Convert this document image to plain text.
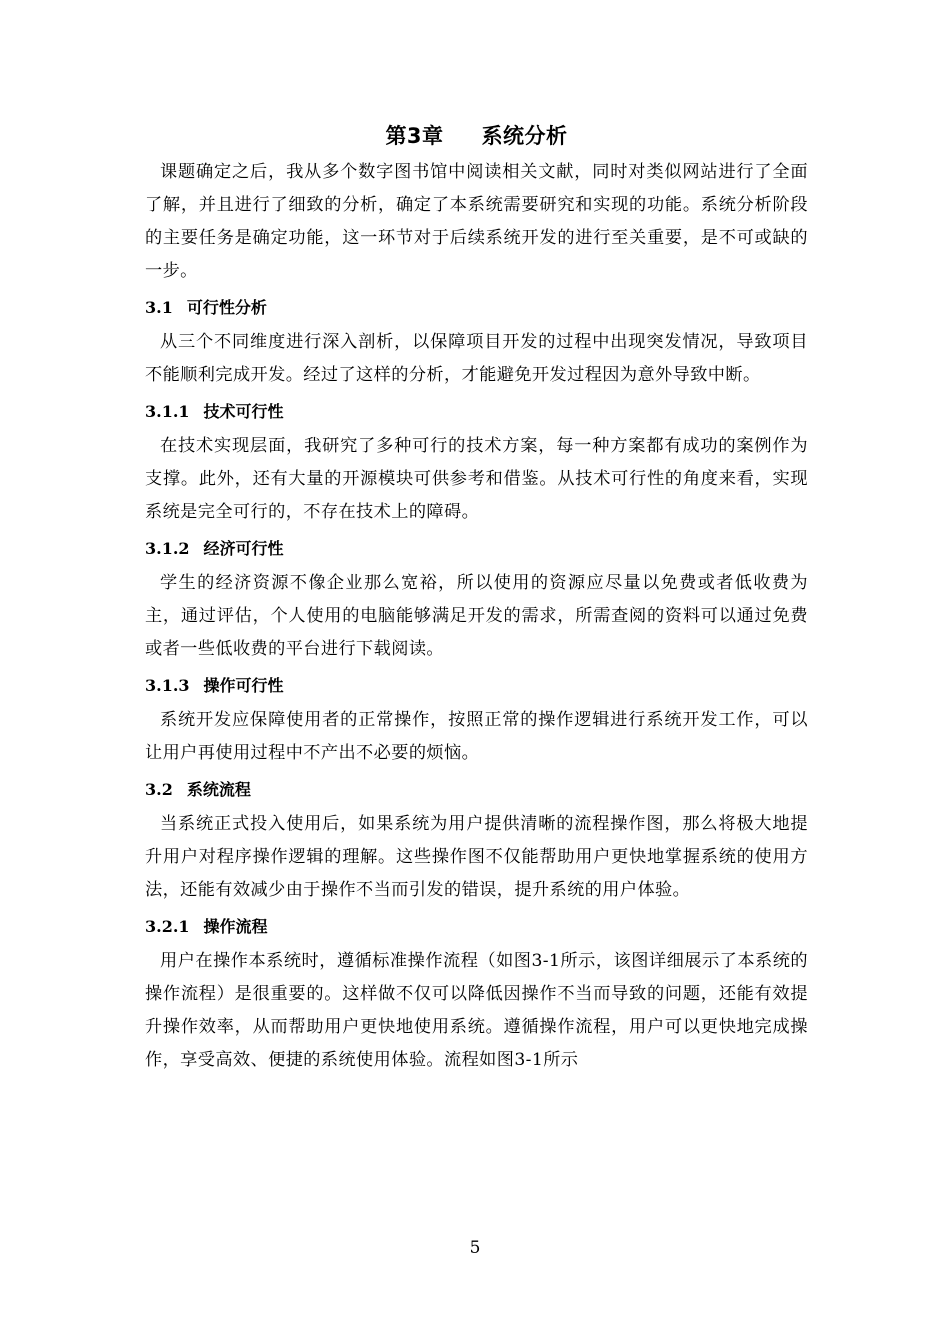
第3章 系统分析

课题确定之后，我从多个数字图书馆中阅读相关文献，同时对类似网站进行了全面了解，并且进行了细致的分析，确定了本系统需要研究和实现的功能。系统分析阶段的主要任务是确定功能，这一环节对于后续系统开发的进行至关重要，是不可或缺的一步。

3.1 可行性分析

从三个不同维度进行深入剖析，以保障项目开发的过程中出现突发情况，导致项目不能顺利完成开发。经过了这样的分析，才能避免开发过程因为意外导致中断。

3.1.1 技术可行性

在技术实现层面，我研究了多种可行的技术方案，每一种方案都有成功的案例作为支撑。此外，还有大量的开源模块可供参考和借鉴。从技术可行性的角度来看，实现系统是完全可行的，不存在技术上的障碍。

3.1.2 经济可行性

学生的经济资源不像企业那么宽裕，所以使用的资源应尽量以免费或者低收费为主，通过评估，个人使用的电脑能够满足开发的需求，所需查阅的资料可以通过免费或者一些低收费的平台进行下载阅读。

3.1.3 操作可行性

系统开发应保障使用者的正常操作，按照正常的操作逻辑进行系统开发工作，可以让用户再使用过程中不产出不必要的烦恼。

3.2 系统流程

当系统正式投入使用后，如果系统为用户提供清晰的流程操作图，那么将极大地提升用户对程序操作逻辑的理解。这些操作图不仅能帮助用户更快地掌握系统的使用方法，还能有效减少由于操作不当而引发的错误，提升系统的用户体验。

3.2.1 操作流程

用户在操作本系统时，遵循标准操作流程（如图3-1所示，该图详细展示了本系统的操作流程）是很重要的。这样做不仅可以降低因操作不当而导致的问题，还能有效提升操作效率，从而帮助用户更快地使用系统。遵循操作流程，用户可以更快地完成操作，享受高效、便捷的系统使用体验。流程如图3-1所示

5
